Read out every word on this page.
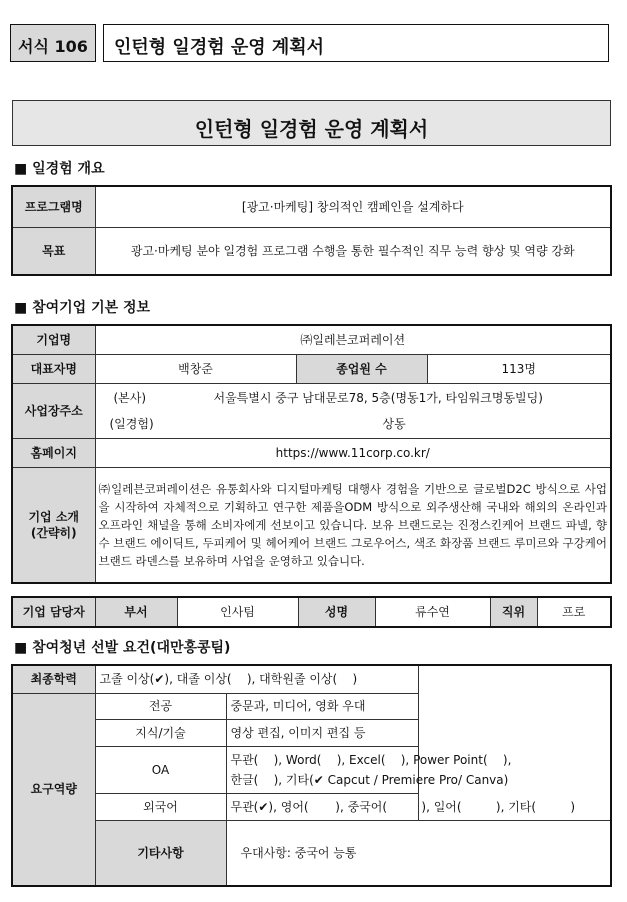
서식 106	인턴형 일경험 운영 계획서
인턴형 일경험 운영 계획서
■ 일경험 개요
프로그램명	[광고·마케팅] 창의적인 캠페인을 설계하다
목표	광고·마케팅 분야 일경험 프로그램 수행을 통한 필수적인 직무 능력 향상 및 역량 강화
■ 참여기업 기본 정보
기업명	㈜일레븐코퍼레이션		
대표자명	백창준	종업원 수	113명
사업장주소	(본사) 서울특별시 중구 남대문로78, 5층(명동1가, 타임워크명동빌딩)
(일경험) 상동		

홈페이지	https://www.11corp.co.kr/		

기업 소개
(간략히)	㈜일레븐코퍼레이션은 유통회사와 디지털마케팅 대행사 경험을 기반으로 글로벌D2C 방식으로 사업을 시작하여 자체적으로 기획하고 연구한 제품을ODM 방식으로 외주생산해 국내와 해외의 온라인과 오프라인 채널을 통해 소비자에게 선보이고 있습니다. 보유 브랜드로는 진정스킨케어 브랜드 파넬, 향수 브랜드 에이딕트, 두피케어 및 헤어케어 브랜드 그로우어스, 색조 화장품 브랜드 루미르와 구강케어 브랜드 라덴스를 보유하며 사업을 운영하고 있습니다.		
기업 담당자	부서	인사팀	성명	류수연	직위	프로
■ 참여청년 선발 요건(대만홍콩팀)
최종학력	고졸 이상(✔), 대졸 이상(    ), 대학원졸 이상(    )	
요구역량	전공	중문과, 미디어, 영화 우대
	지식/기술	영상 편집, 이미지 편집 등
	OA	무관(    ), Word(    ), Excel(    ), Power Point(    ),
한글(    ), 기타(✔ Capcut / Premiere Pro/ Canva)

	외국어	무관(✔), 영어(       ), 중국어(         ), 일어(         ), 기타(         )
	기타사항	우대사항: 중국어 능통
